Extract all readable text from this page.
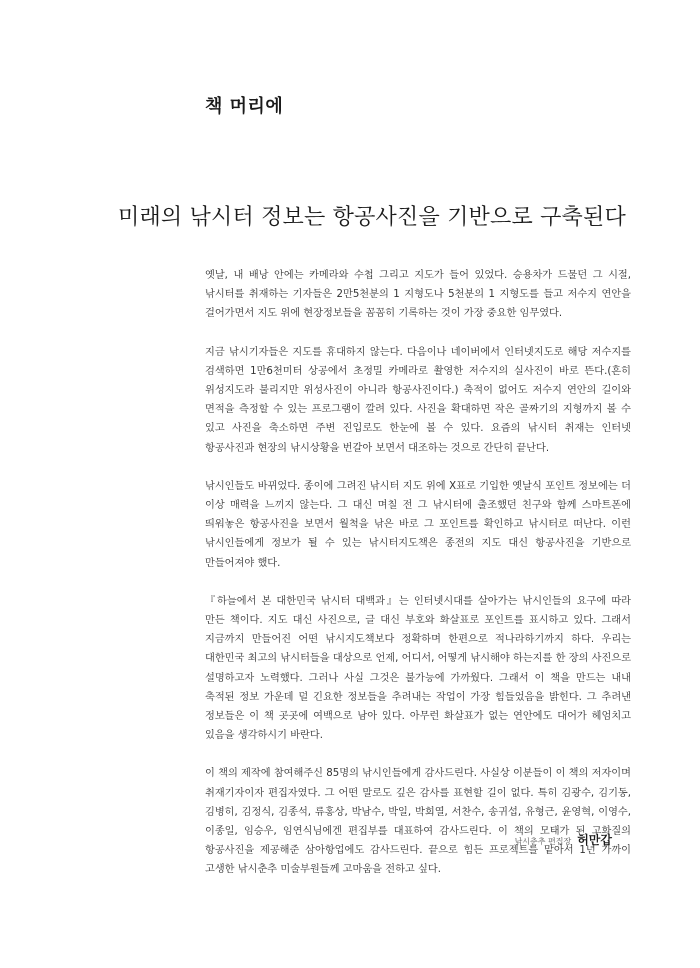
책 머리에
미래의 낚시터 정보는 항공사진을 기반으로 구축된다

옛날, 내 배낭 안에는 카메라와 수첩 그리고 지도가 들어 있었다. 승용차가 드물던 그 시절, 낚시터를 취재하는 기자들은 2만5천분의 1 지형도나 5천분의 1 지형도를 들고 저수지 연안을 걸어가면서 지도 위에 현장정보들을 꼼꼼히 기록하는 것이 가장 중요한 임무였다.

지금 낚시기자들은 지도를 휴대하지 않는다. 다음이나 네이버에서 인터넷지도로 해당 저수지를 검색하면 1만6천미터 상공에서 초정밀 카메라로 촬영한 저수지의 실사진이 바로 뜬다.(흔히 위성지도라 불리지만 위성사진이 아니라 항공사진이다.) 축적이 없어도 저수지 연안의 길이와 면적을 측정할 수 있는 프로그램이 깔려 있다. 사진을 확대하면 작은 골짜기의 지형까지 볼 수 있고 사진을 축소하면 주변 진입로도 한눈에 볼 수 있다. 요즘의 낚시터 취재는 인터넷 항공사진과 현장의 낚시상황을 번갈아 보면서 대조하는 것으로 간단히 끝난다.

낚시인들도 바뀌었다. 종이에 그려진 낚시터 지도 위에 X표로 기입한 옛날식 포인트 정보에는 더 이상 매력을 느끼지 않는다. 그 대신 며칠 전 그 낚시터에 출조했던 친구와 함께 스마트폰에 띄워놓은 항공사진을 보면서 월척을 낚은 바로 그 포인트를 확인하고 낚시터로 떠난다. 이런 낚시인들에게 정보가 될 수 있는 낚시터지도책은 종전의 지도 대신 항공사진을 기반으로 만들어져야 했다.

『하늘에서 본 대한민국 낚시터 대백과』는 인터넷시대를 살아가는 낚시인들의 요구에 따라 만든 책이다. 지도 대신 사진으로, 글 대신 부호와 화살표로 포인트를 표시하고 있다. 그래서 지금까지 만들어진 어떤 낚시지도책보다 정확하며 한편으로 적나라하기까지 하다. 우리는 대한민국 최고의 낚시터들을 대상으로 언제, 어디서, 어떻게 낚시해야 하는지를 한 장의 사진으로 설명하고자 노력했다. 그러나 사실 그것은 불가능에 가까웠다. 그래서 이 책을 만드는 내내 축적된 정보 가운데 덜 긴요한 정보들을 추려내는 작업이 가장 힘들었음을 밝힌다. 그 추려낸 정보들은 이 책 곳곳에 여백으로 남아 있다. 아무런 화살표가 없는 연안에도 대어가 헤엄치고 있음을 생각하시기 바란다.

이 책의 제작에 참여해주신 85명의 낚시인들에게 감사드린다. 사실상 이분들이 이 책의 저자이며 취재기자이자 편집자였다. 그 어떤 말로도 깊은 감사를 표현할 길이 없다. 특히 김광수, 김기동, 김병히, 김정식, 김종석, 류홍상, 박남수, 박일, 박희열, 서찬수, 송귀섭, 유형근, 윤영혁, 이영수, 이종일, 임승우, 임연식님에겐 편집부를 대표하여 감사드린다. 이 책의 모태가 된 고화질의 항공사진을 제공해준 삼아항업에도 감사드린다. 끝으로 힘든 프로젝트를 맡아서 1년 가까이 고생한 낚시춘추 미술부원들께 고마움을 전하고 싶다.

낚시춘추 편집장 허만갑
